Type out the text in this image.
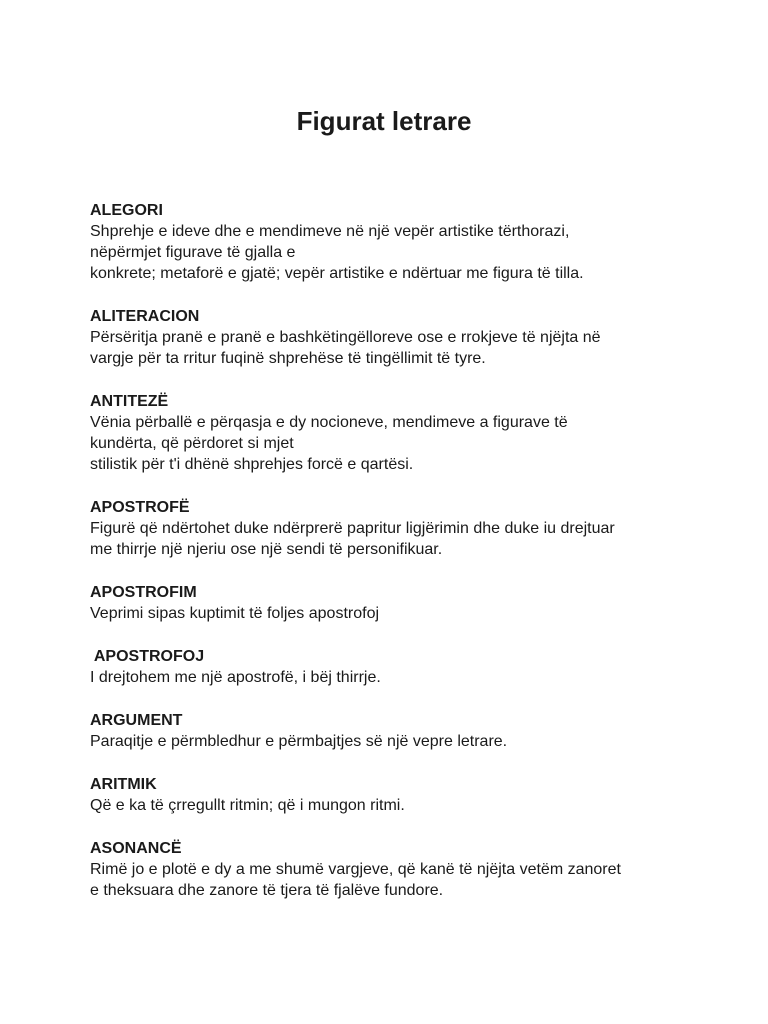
Figurat letrare

ALEGORI

Shprehje e ideve dhe e mendimeve në një vepër artistike tërthorazi,
nëpërmjet figurave të gjalla e
konkrete; metaforë e gjatë; vepër artistike e ndërtuar me figura të tilla.

ALITERACION

Përsëritja pranë e pranë e bashkëtingëlloreve ose e rrokjeve të njëjta në
vargje për ta rritur fuqinë shprehëse të tingëllimit të tyre.

ANTITEZË

Vënia përballë e përqasja e dy nocioneve, mendimeve a figurave të
kundërta, që përdoret si mjet
stilistik për t'i dhënë shprehjes forcë e qartësi.

APOSTROFË

Figurë që ndërtohet duke ndërprerë papritur ligjërimin dhe duke iu drejtuar
me thirrje një njeriu ose një sendi të personifikuar.

APOSTROFIM

Veprimi sipas kuptimit të foljes apostrofoj

APOSTROFOJ

I drejtohem me një apostrofë, i bëj thirrje.

ARGUMENT

Paraqitje e përmbledhur e përmbajtjes së një vepre letrare.

ARITMIK

Që e ka të çrregullt ritmin; që i mungon ritmi.

ASONANCË

Rimë jo e plotë e dy a me shumë vargjeve, që kanë të njëjta vetëm zanoret
e theksuara dhe zanore të tjera të fjalëve fundore.
